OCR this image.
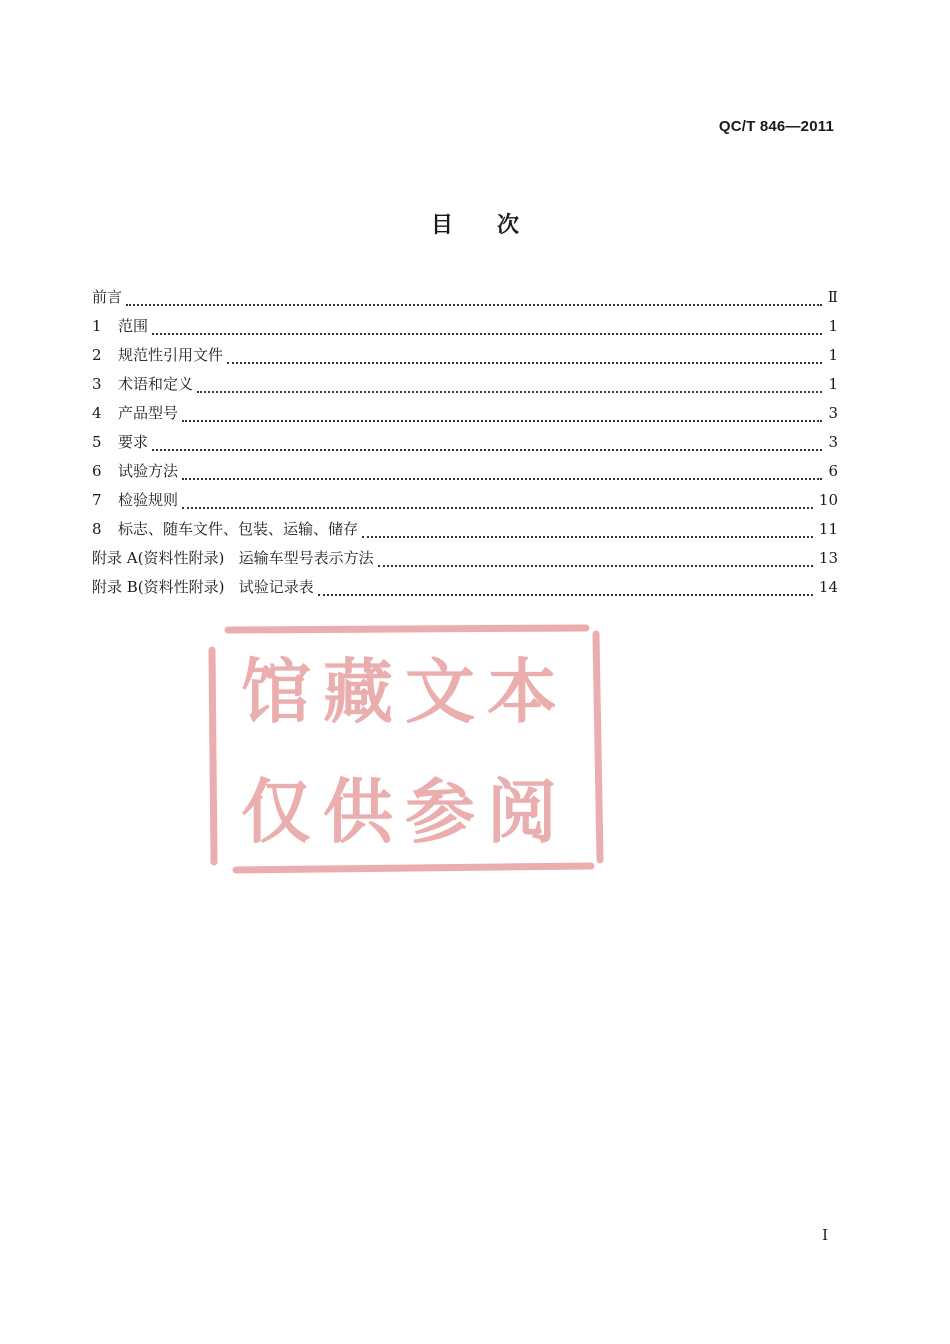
QC/T 846—2011
目次
前言	Ⅱ
1	范围	1
2	规范性引用文件	1
3	术语和定义	1
4	产品型号	3
5	要求	3
6	试验方法	6
7	检验规则	10
8	标志、随车文件、包装、运输、储存	11
附录 A(资料性附录)   运输车型号表示方法	13
附录 B(资料性附录)   试验记录表	14
馆藏文本
仅供参阅
I
